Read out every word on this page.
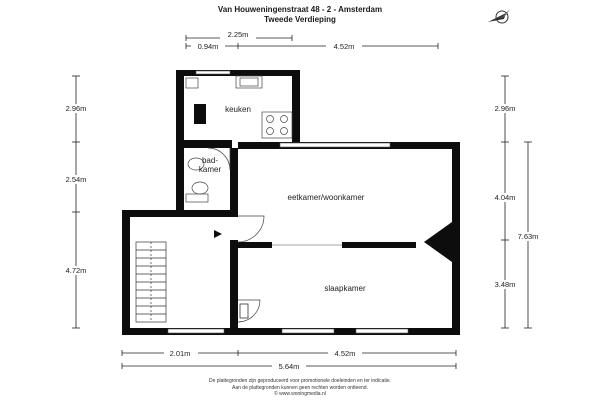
Van Houweningenstraat 48 - 2 - Amsterdam
Tweede Verdieping
2.25m
0.94m	4.52m
2.96m
2.54m
4.72m
2.96m
4.04m
3.48m
7.63m
2.01m	4.52m
5.64m
keuken
bad-
kamer
eetkamer/woonkamer
slaapkamer
De plattegronden zijn geproduceerd voor promotionele doeleinden en ter indicatie.
Aan de plattegronden kunnen geen rechten worden ontleend.
© www.woningmedia.nl
